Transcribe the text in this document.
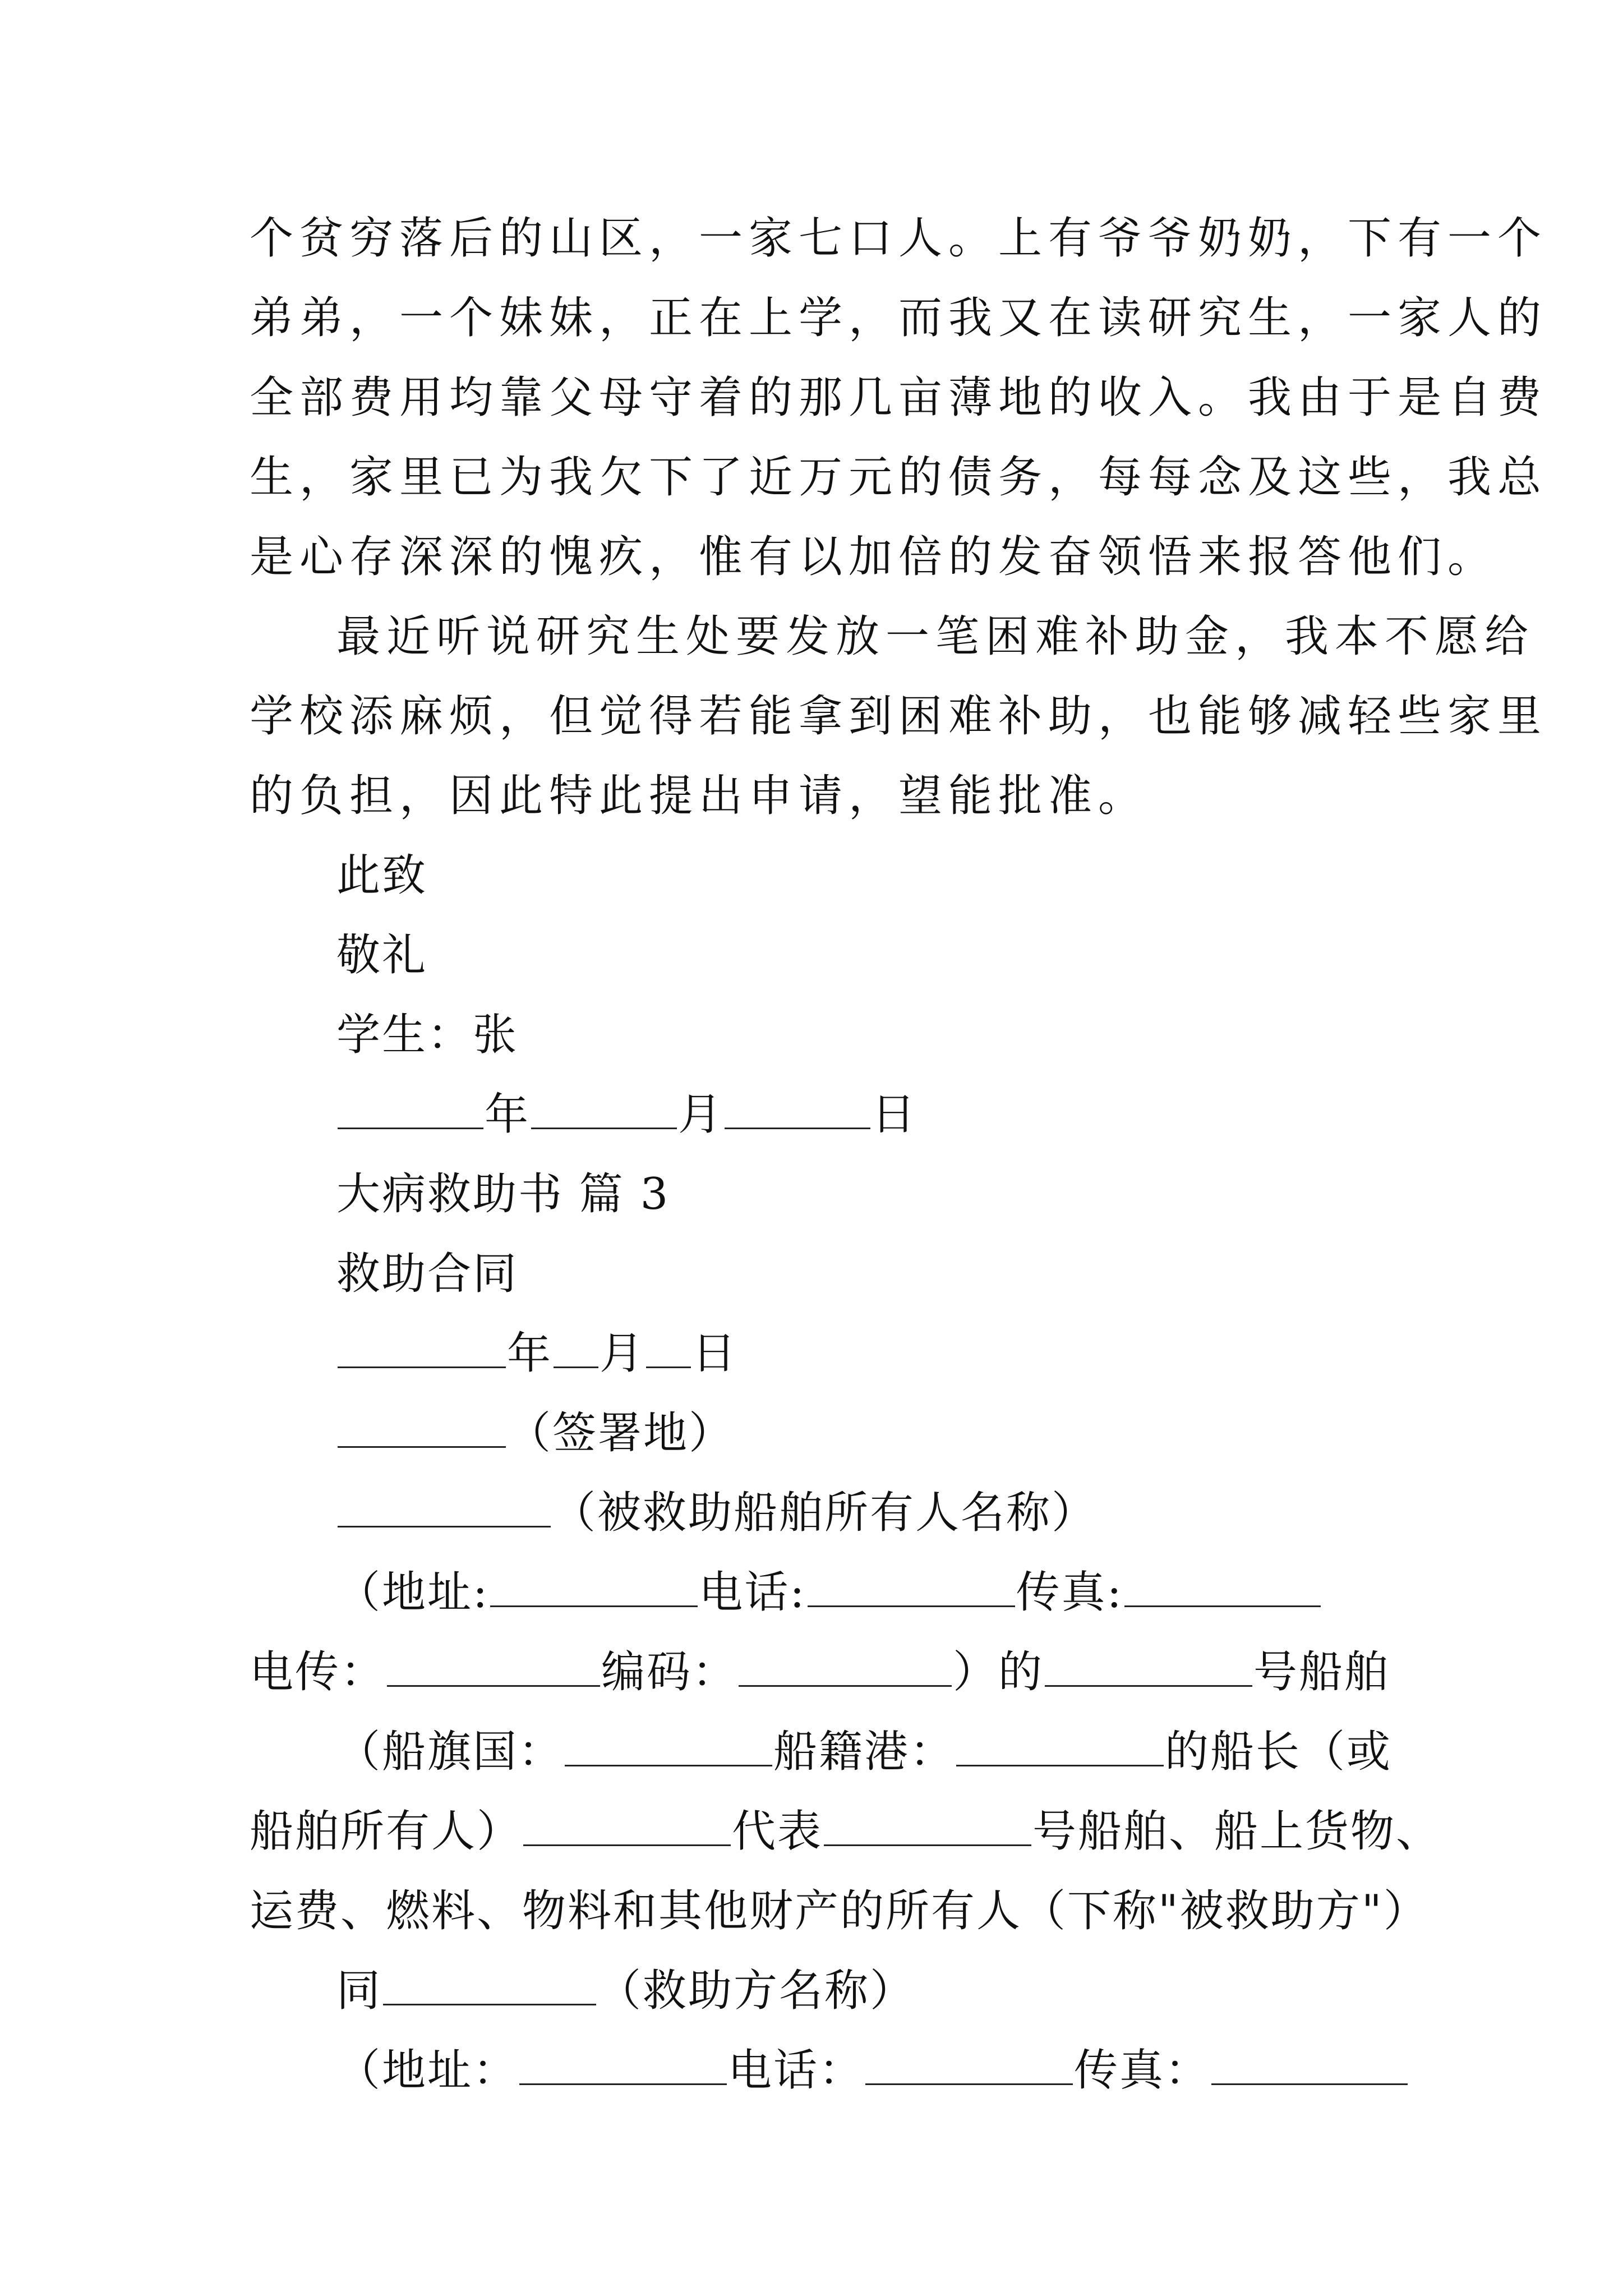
个贫穷落后的山区，一家七口人。上有爷爷奶奶，下有一个
弟弟，一个妹妹，正在上学，而我又在读研究生，一家人的
全部费用均靠父母守着的那几亩薄地的收入。我由于是自费
生，家里已为我欠下了近万元的债务，每每念及这些，我总
是心存深深的愧疚，惟有以加倍的发奋领悟来报答他们。
最近听说研究生处要发放一笔困难补助金，我本不愿给
学校添麻烦，但觉得若能拿到困难补助，也能够减轻些家里
的负担，因此特此提出申请，望能批准。
此致
敬礼
学生：张
年	月	日
大病救助书 篇 3
救助合同
年 月 日
（签署地）
（被救助船舶所有人名称）
（地址:	电话:	传真:
电传：	编码：	）的	号船舶
（船旗国：	船籍港：	的船长（或
船舶所有人）	代表	号船舶、船上货物、
运费、燃料、物料和其他财产的所有人（下称"被救助方"）
同	（救助方名称）
（地址：	电话：	传真：
